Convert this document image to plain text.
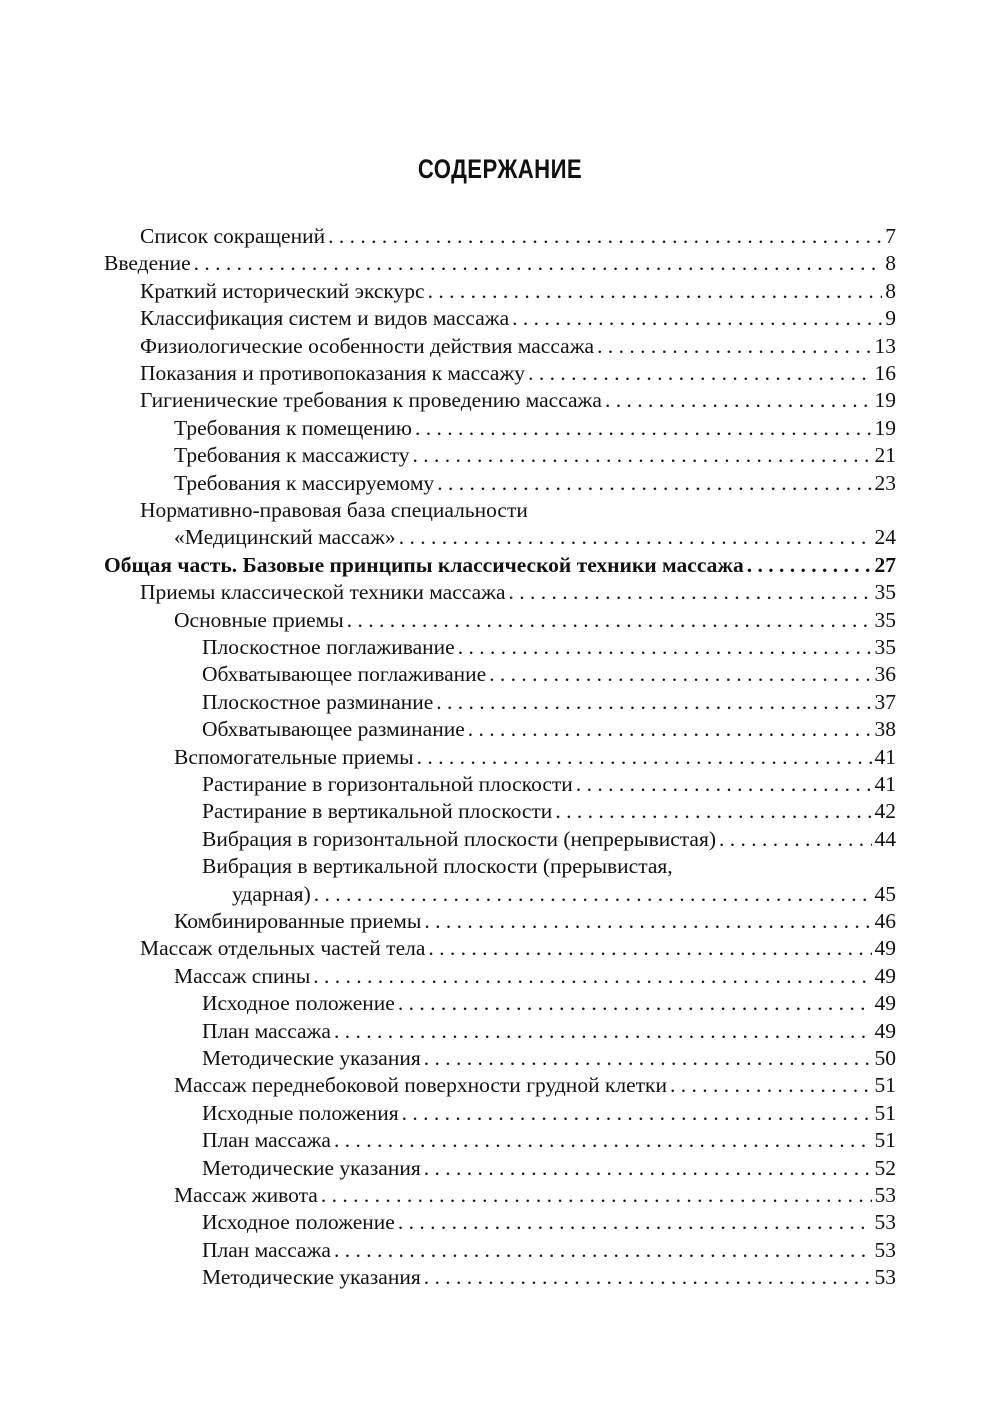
СОДЕРЖАНИЕ
Список сокращений . . .	7
Введение . . .	8
Краткий исторический экскурс . . .	8
Классификация систем и видов массажа . . .	9
Физиологические особенности действия массажа . . .	13
Показания и противопоказания к массажу . . .	16
Гигиенические требования к проведению массажа . . .	19
Требования к помещению . . .	19
Требования к массажисту . . .	21
Требования к массируемому . . .	23
Нормативно-правовая база специальности
«Медицинский массаж» . . .	24
Общая часть. Базовые принципы классической техники массажа . . .	27
Приемы классической техники массажа . . .	35
Основные приемы . . .	35
Плоскостное поглаживание . . .	35
Обхватывающее поглаживание . . .	36
Плоскостное разминание . . .	37
Обхватывающее разминание . . .	38
Вспомогательные приемы . . .	41
Растирание в горизонтальной плоскости . . .	41
Растирание в вертикальной плоскости . . .	42
Вибрация в горизонтальной плоскости (непрерывистая) . . .	44
Вибрация в вертикальной плоскости (прерывистая,
ударная) . . .	45
Комбинированные приемы . . .	46
Массаж отдельных частей тела . . .	49
Массаж спины . . .	49
Исходное положение . . .	49
План массажа . . .	49
Методические указания . . .	50
Массаж переднебоковой поверхности грудной клетки . . .	51
Исходные положения . . .	51
План массажа . . .	51
Методические указания . . .	52
Массаж живота . . .	53
Исходное положение . . .	53
План массажа . . .	53
Методические указания . . .	53
